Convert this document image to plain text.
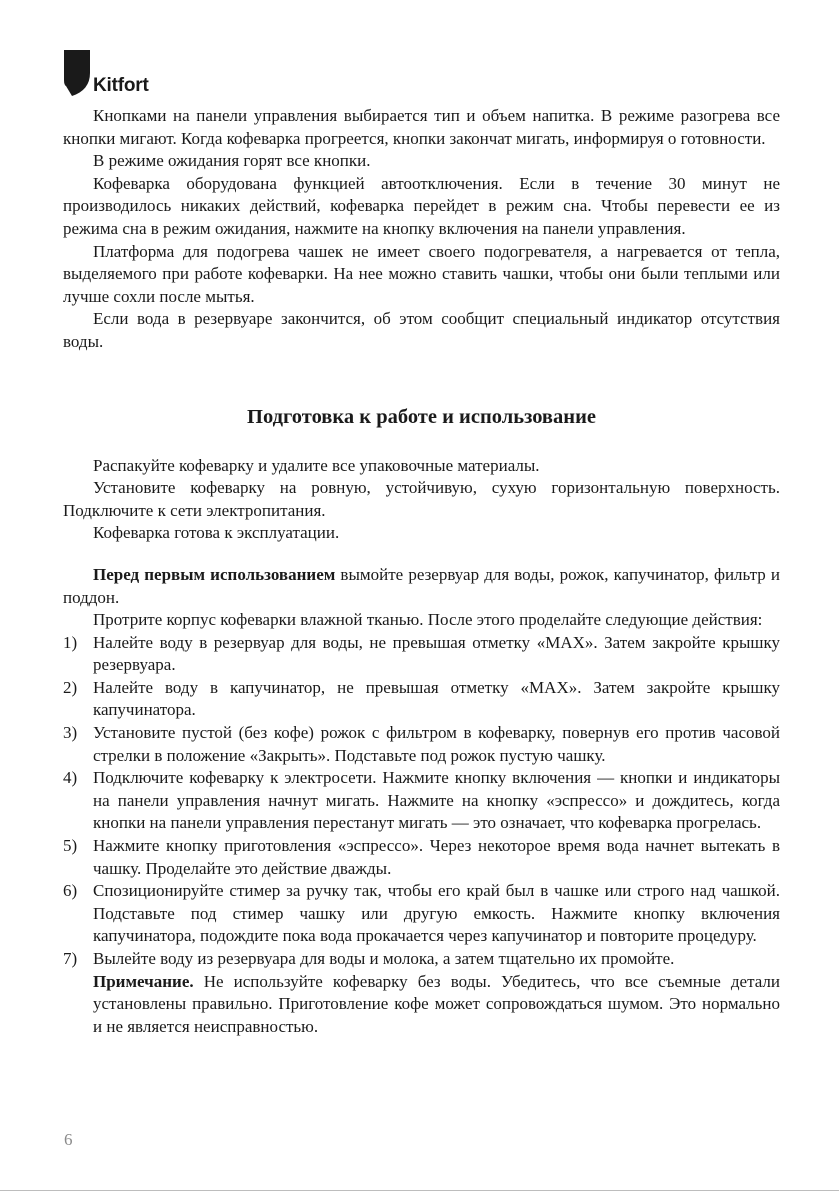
Kitfort

Кнопками на панели управления выбирается тип и объем напитка. В режиме разогрева все кнопки мигают. Когда кофеварка прогреется, кнопки закончат мигать, информируя о готовности.

В режиме ожидания горят все кнопки.

Кофеварка оборудована функцией автоотключения. Если в течение 30 минут не производилось никаких действий, кофеварка перейдет в режим сна. Чтобы перевести ее из режима сна в режим ожидания, нажмите на кнопку включения на панели управления.

Платформа для подогрева чашек не имеет своего подогревателя, а нагревается от тепла, выделяемого при работе кофеварки. На нее можно ставить чашки, чтобы они были теплыми или лучше сохли после мытья.

Если вода в резервуаре закончится, об этом сообщит специальный индикатор отсутствия воды.

Подготовка к работе и использование

Распакуйте кофеварку и удалите все упаковочные материалы.

Установите кофеварку на ровную, устойчивую, сухую горизонтальную поверхность. Подключите к сети электропитания.

Кофеварка готова к эксплуатации.

Перед первым использованием вымойте резервуар для воды, рожок, капучинатор, фильтр и поддон.

Протрите корпус кофеварки влажной тканью. После этого проделайте следующие действия:

1) Налейте воду в резервуар для воды, не превышая отметку «MAX». Затем закройте крышку резервуара.
2) Налейте воду в капучинатор, не превышая отметку «MAX». Затем закройте крышку капучинатора.
3) Установите пустой (без кофе) рожок с фильтром в кофеварку, повернув его против часовой стрелки в положение «Закрыть». Подставьте под рожок пустую чашку.
4) Подключите кофеварку к электросети. Нажмите кнопку включения — кнопки и индикаторы на панели управления начнут мигать. Нажмите на кнопку «эспрессо» и дождитесь, когда кнопки на панели управления перестанут мигать — это означает, что кофеварка прогрелась.
5) Нажмите кнопку приготовления «эспрессо». Через некоторое время вода начнет вытекать в чашку. Проделайте это действие дважды.
6) Спозиционируйте стимер за ручку так, чтобы его край был в чашке или строго над чашкой. Подставьте под стимер чашку или другую емкость. Нажмите кнопку включения капучинатора, подождите пока вода прокачается через капучинатор и повторите процедуру.
7) Вылейте воду из резервуара для воды и молока, а затем тщательно их промойте.
Примечание. Не используйте кофеварку без воды. Убедитесь, что все съемные детали установлены правильно. Приготовление кофе может сопровождаться шумом. Это нормально и не является неисправностью.
6
